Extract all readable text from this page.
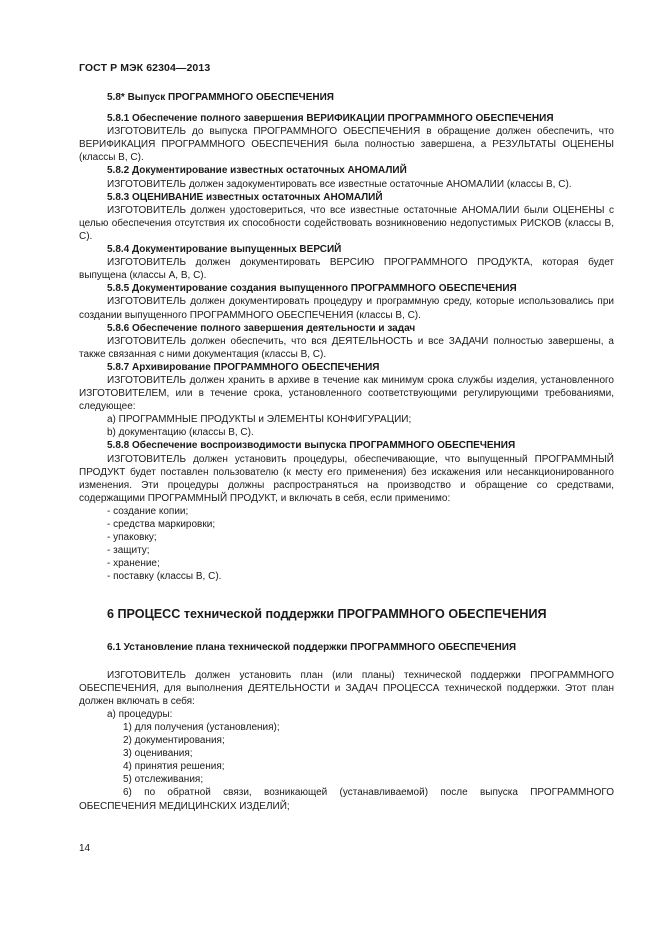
ГОСТ Р МЭК 62304—2013

5.8* Выпуск ПРОГРАММНОГО ОБЕСПЕЧЕНИЯ

5.8.1 Обеспечение полного завершения ВЕРИФИКАЦИИ ПРОГРАММНОГО ОБЕСПЕЧЕНИЯ

ИЗГОТОВИТЕЛЬ до выпуска ПРОГРАММНОГО ОБЕСПЕЧЕНИЯ в обращение должен обеспечить, что ВЕРИФИКАЦИЯ ПРОГРАММНОГО ОБЕСПЕЧЕНИЯ была полностью завершена, а РЕЗУЛЬТАТЫ ОЦЕНЕНЫ (классы В, С).

5.8.2 Документирование известных остаточных АНОМАЛИЙ

ИЗГОТОВИТЕЛЬ должен задокументировать все известные остаточные АНОМАЛИИ (классы В, С).

5.8.3 ОЦЕНИВАНИЕ известных остаточных АНОМАЛИЙ

ИЗГОТОВИТЕЛЬ должен удостовериться, что все известные остаточные АНОМАЛИИ были ОЦЕНЕНЫ с целью обеспечения отсутствия их способности содействовать возникновению недопустимых РИСКОВ (классы В, С).

5.8.4 Документирование выпущенных ВЕРСИЙ

ИЗГОТОВИТЕЛЬ должен документировать ВЕРСИЮ ПРОГРАММНОГО ПРОДУКТА, которая будет выпущена (классы А, В, С).

5.8.5 Документирование создания выпущенного ПРОГРАММНОГО ОБЕСПЕЧЕНИЯ

ИЗГОТОВИТЕЛЬ должен документировать процедуру и программную среду, которые использовались при создании выпущенного ПРОГРАММНОГО ОБЕСПЕЧЕНИЯ (классы В, С).

5.8.6 Обеспечение полного завершения деятельности и задач

ИЗГОТОВИТЕЛЬ должен обеспечить, что вся ДЕЯТЕЛЬНОСТЬ и все ЗАДАЧИ полностью завершены, а также связанная с ними документация (классы В, С).

5.8.7 Архивирование ПРОГРАММНОГО ОБЕСПЕЧЕНИЯ

ИЗГОТОВИТЕЛЬ должен хранить в архиве в течение как минимум срока службы изделия, установленного ИЗГОТОВИТЕЛЕМ, или в течение срока, установленного соответствующими регулирующими требованиями, следующее:

a) ПРОГРАММНЫЕ ПРОДУКТЫ и ЭЛЕМЕНТЫ КОНФИГУРАЦИИ;

b) документацию (классы В, С).

5.8.8 Обеспечение воспроизводимости выпуска ПРОГРАММНОГО ОБЕСПЕЧЕНИЯ

ИЗГОТОВИТЕЛЬ должен установить процедуры, обеспечивающие, что выпущенный ПРОГРАММНЫЙ ПРОДУКТ будет поставлен пользователю (к месту его применения) без искажения или несанкционированного изменения. Эти процедуры должны распространяться на производство и обращение со средствами, содержащими ПРОГРАММНЫЙ ПРОДУКТ, и включать в себя, если применимо:

- создание копии;

- средства маркировки;

- упаковку;

- защиту;

- хранение;

- поставку (классы В, С).

6 ПРОЦЕСС технической поддержки ПРОГРАММНОГО ОБЕСПЕЧЕНИЯ

6.1 Установление плана технической поддержки ПРОГРАММНОГО ОБЕСПЕЧЕНИЯ

ИЗГОТОВИТЕЛЬ должен установить план (или планы) технической поддержки ПРОГРАММНОГО ОБЕСПЕЧЕНИЯ, для выполнения ДЕЯТЕЛЬНОСТИ и ЗАДАЧ ПРОЦЕССА технической поддержки. Этот план должен включать в себя:

a) процедуры:

1) для получения (установления);

2) документирования;

3) оценивания;

4) принятия решения;

5) отслеживания;

6) по обратной связи, возникающей (устанавливаемой) после выпуска ПРОГРАММНОГО ОБЕСПЕЧЕНИЯ МЕДИЦИНСКИХ ИЗДЕЛИЙ;

14
